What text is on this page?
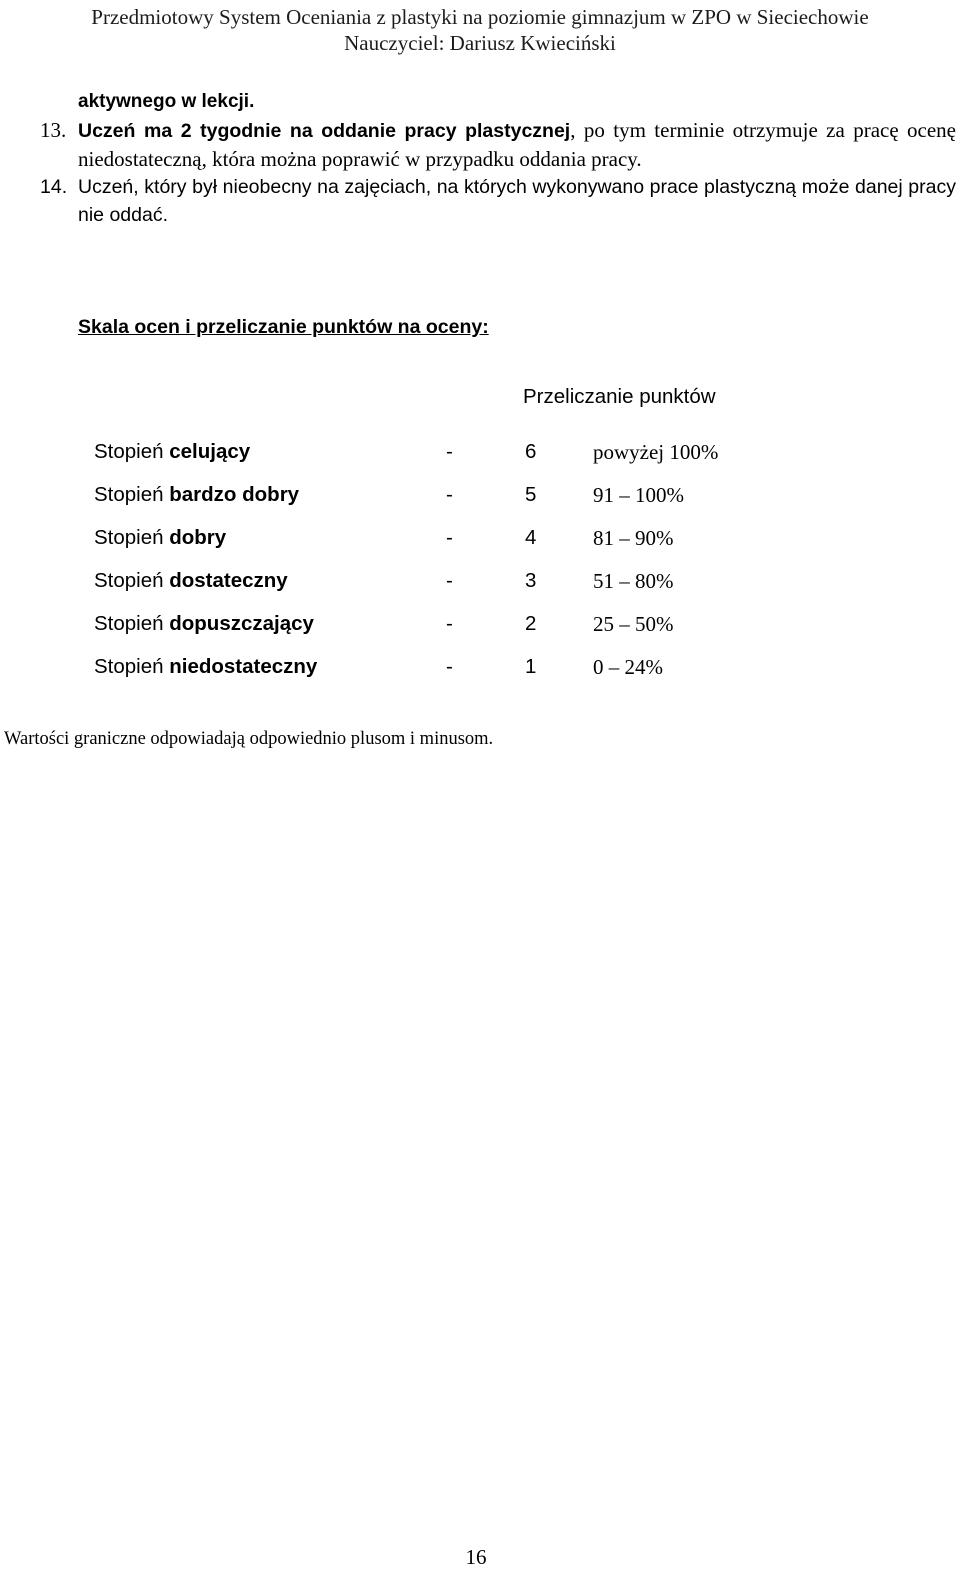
Przedmiotowy System Oceniania z plastyki na poziomie gimnazjum w ZPO w Sieciechowie
Nauczyciel: Dariusz Kwieciński
aktywnego w lekcji.
13. Uczeń ma 2 tygodnie na oddanie pracy plastycznej, po tym terminie otrzymuje za pracę ocenę niedostateczną, która można poprawić w przypadku oddania pracy.
14. Uczeń, który był nieobecny na zajęciach, na których wykonywano prace plastyczną może danej pracy nie oddać.
Skala ocen i przeliczanie punktów na oceny:
Przeliczanie punktów
Stopień celujący	-	6	powyżej 100%
Stopień bardzo dobry	-	5	91 – 100%
Stopień dobry	-	4	81 – 90%
Stopień dostateczny	-	3	51 – 80%
Stopień dopuszczający	-	2	25 – 50%
Stopień niedostateczny	-	1	0 – 24%
Wartości graniczne odpowiadają odpowiednio plusom i minusom.
16
